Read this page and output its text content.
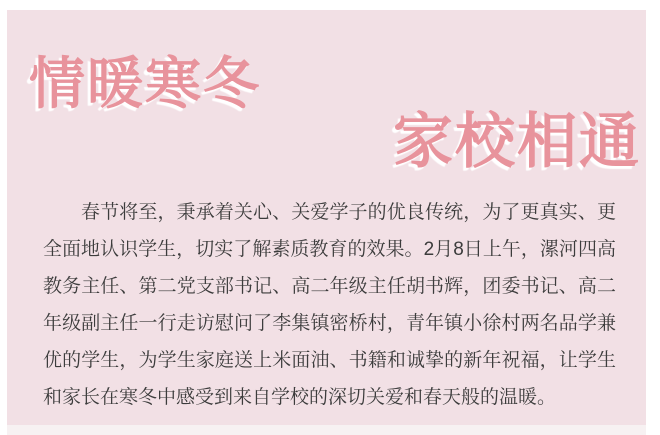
情暖寒冬
家校相通

春节将至，秉承着关心、关爱学子的优良传统，为了更真实、更全面地认识学生，切实了解素质教育的效果。2月8日上午，漯河四高教务主任、第二党支部书记、高二年级主任胡书辉，团委书记、高二年级副主任一行走访慰问了李集镇密桥村，青年镇小徐村两名品学兼优的学生，为学生家庭送上米面油、书籍和诚挚的新年祝福，让学生和家长在寒冬中感受到来自学校的深切关爱和春天般的温暖。
